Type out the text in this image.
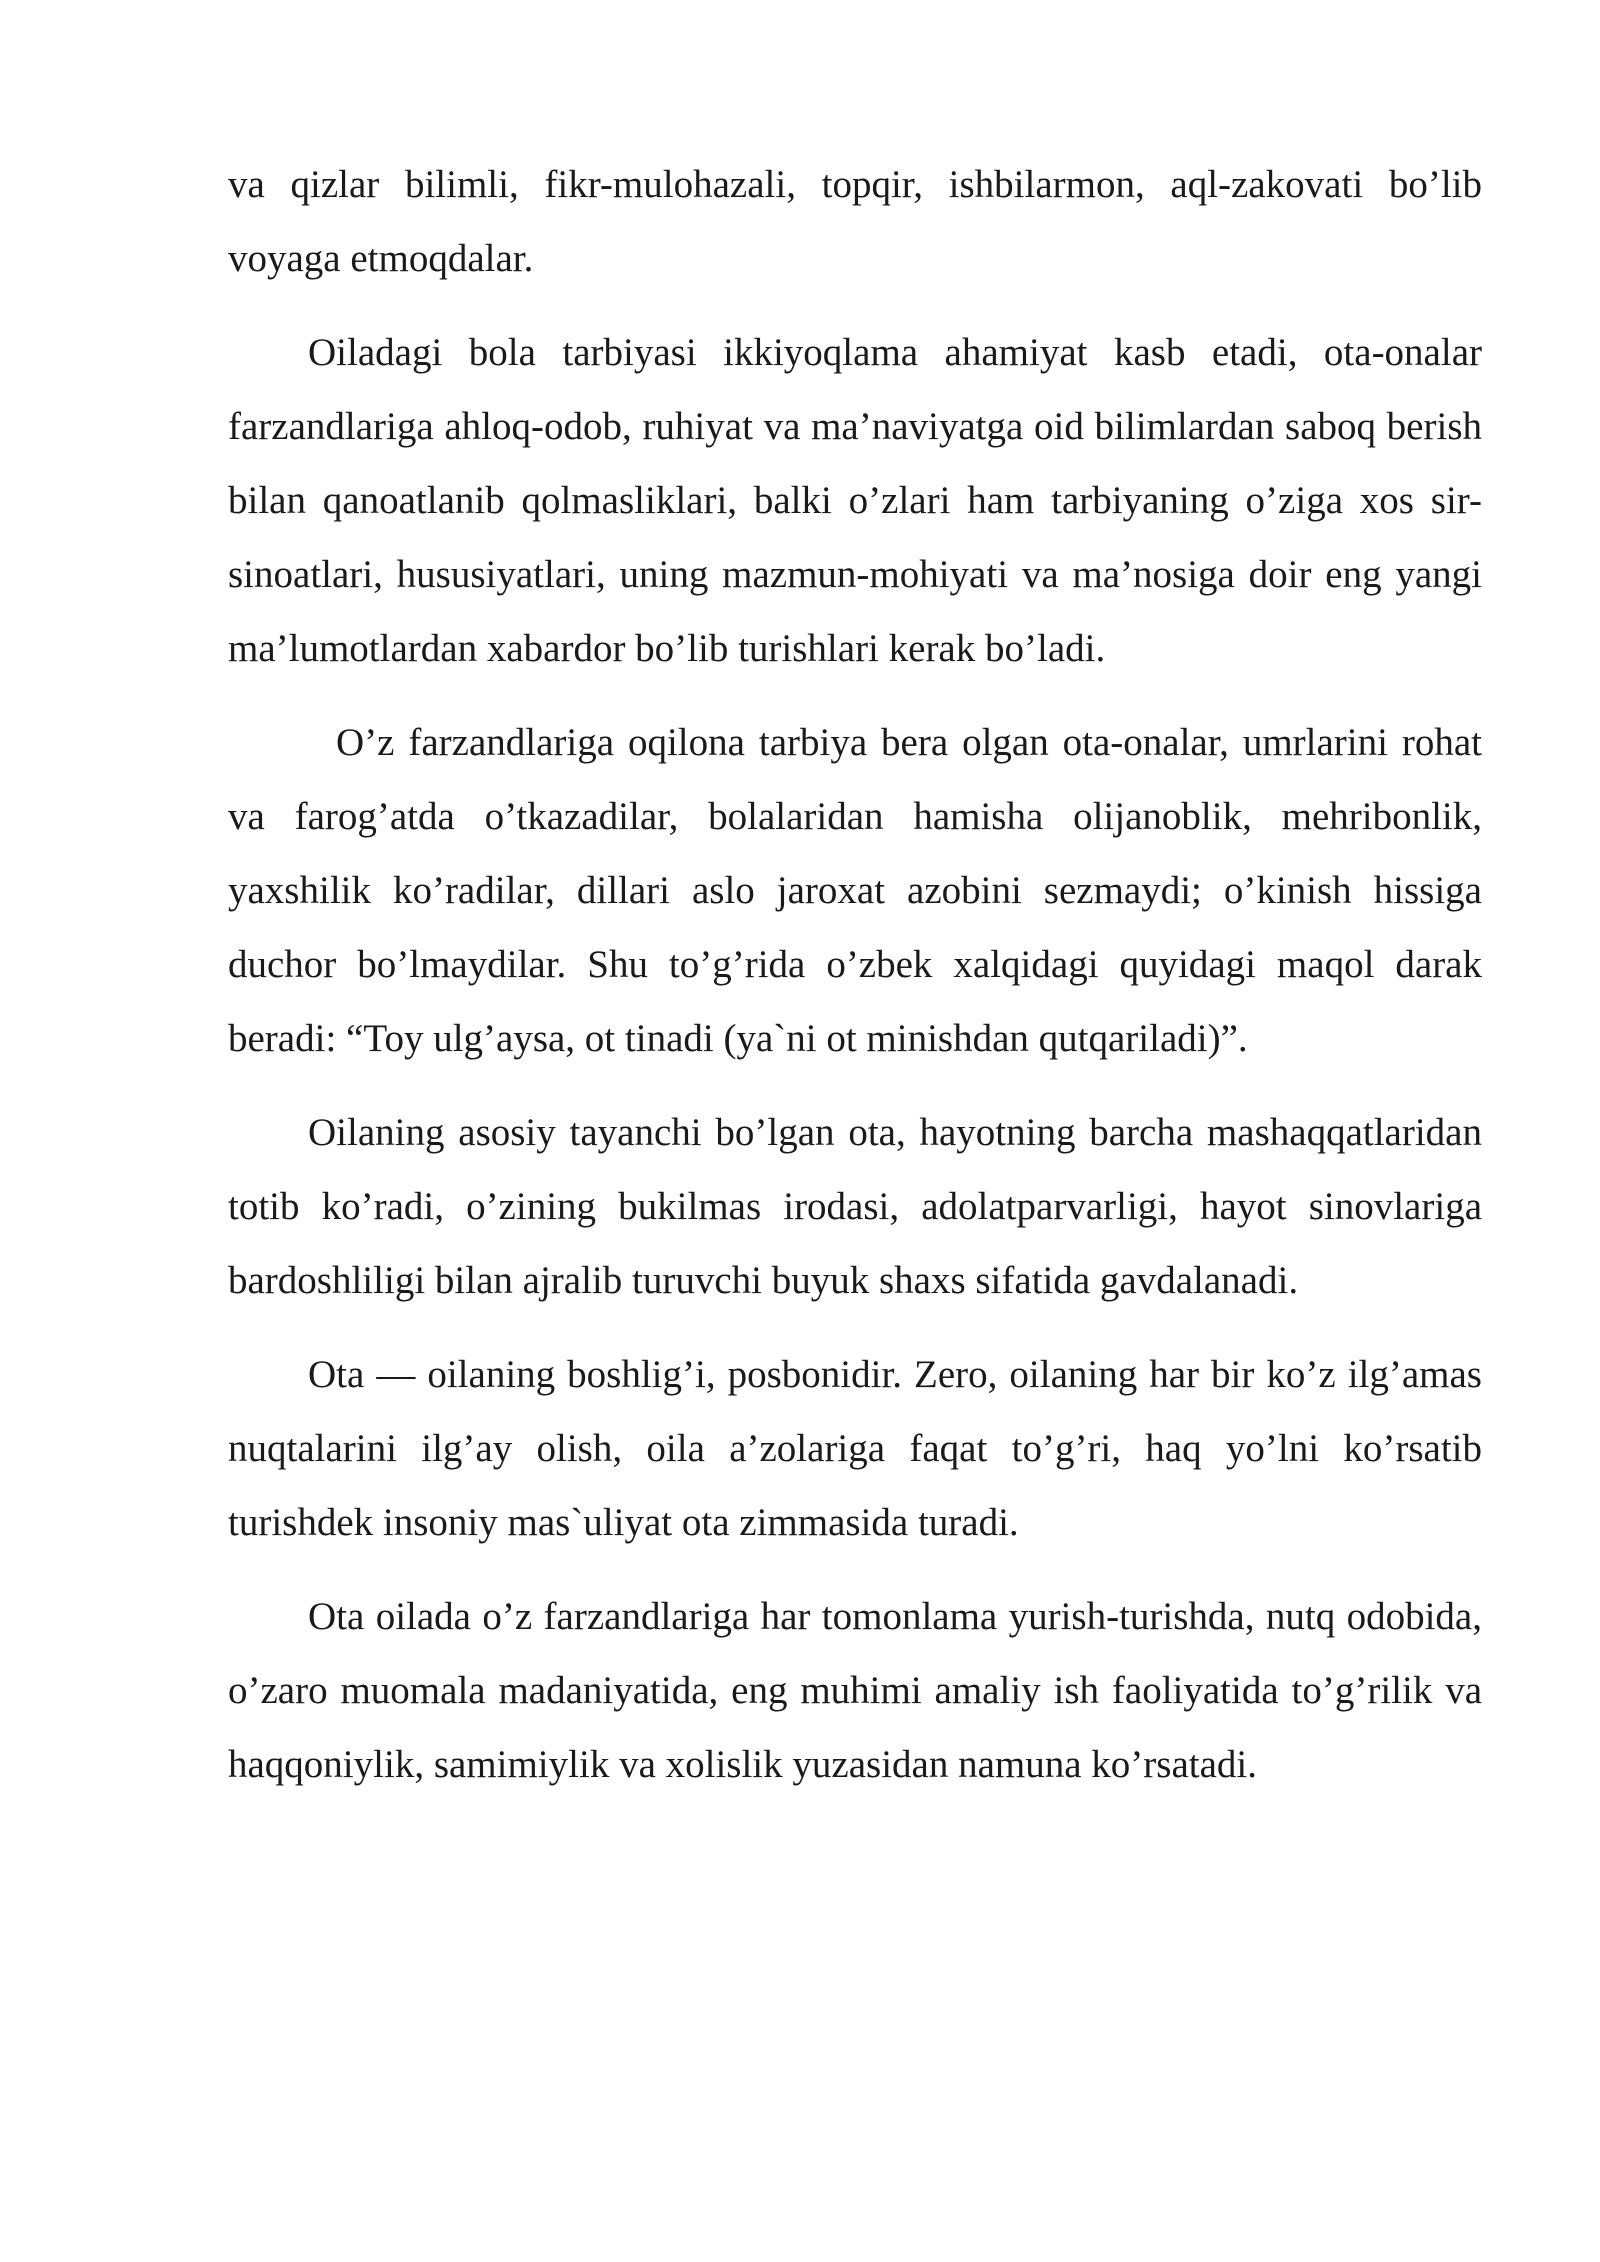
va qizlar bilimli, fikr-mulohazali, topqir, ishbilarmon, aql-zakovati bo’lib voyaga etmoqdalar.

Oiladagi bola tarbiyasi ikkiyoqlama ahamiyat kasb etadi, ota-onalar farzandlariga ahloq-odob, ruhiyat va ma’naviyatga oid bilimlardan saboq berish bilan qanoatlanib qolmasliklari, balki o’zlari ham tarbiyaning o’ziga xos sir-sinoatlari, hususiyatlari, uning mazmun-mohiyati va ma’nosiga doir eng yangi ma’lumotlardan xabardor bo’lib turishlari kerak bo’ladi.

O’z farzandlariga oqilona tarbiya bera olgan ota-onalar, umrlarini rohat va farog’atda o’tkazadilar, bolalaridan hamisha olijanoblik, mehribonlik, yaxshilik ko’radilar, dillari aslo jaroxat azobini sezmaydi; o’kinish hissiga duchor bo’lmaydilar. Shu to’g’rida o’zbek xalqidagi quyidagi maqol darak beradi: “Toy ulg’aysa, ot tinadi (ya`ni ot minishdan qutqariladi)”.

Oilaning asosiy tayanchi bo’lgan ota, hayotning barcha mashaqqatlaridan totib ko’radi, o’zining bukilmas irodasi, adolatparvarligi, hayot sinovlariga bardoshliligi bilan ajralib turuvchi buyuk shaxs sifatida gavdalanadi.

Ota — oilaning boshlig’i, posbonidir. Zero, oilaning har bir ko’z ilg’amas nuqtalarini ilg’ay olish, oila a’zolariga faqat to’g’ri, haq yo’lni ko’rsatib turishdek insoniy mas`uliyat ota zimmasida turadi.

Ota oilada o’z farzandlariga har tomonlama yurish-turishda, nutq odobida, o’zaro muomala madaniyatida, eng muhimi amaliy ish faoliyatida to’g’rilik va haqqoniylik, samimiylik va xolislik yuzasidan namuna ko’rsatadi.
